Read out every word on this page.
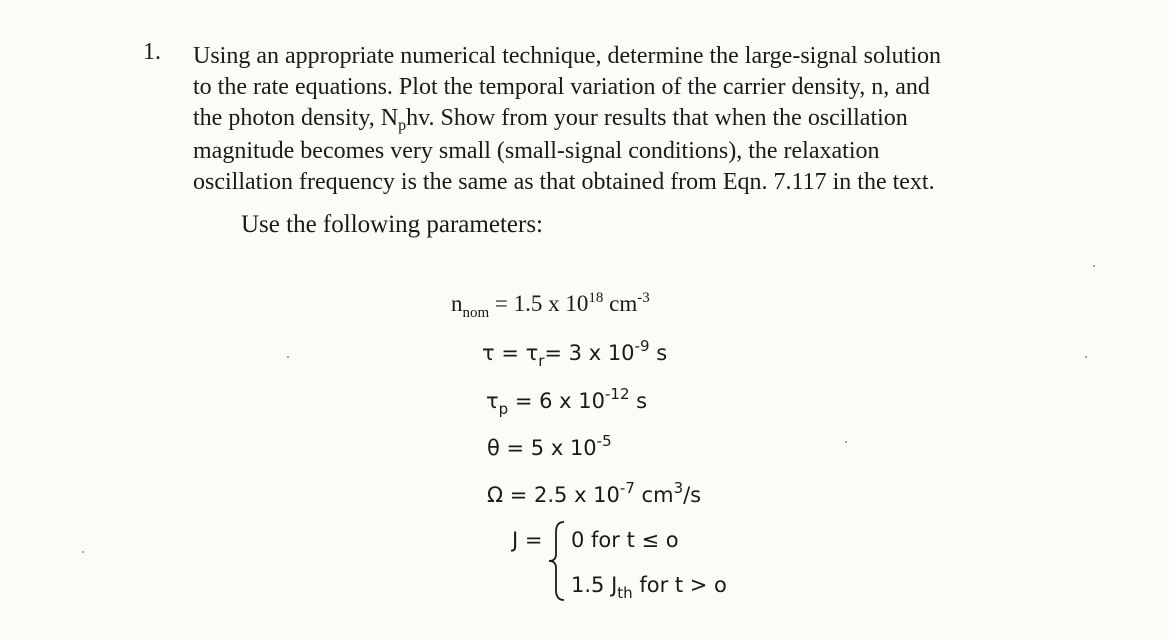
1. Using an appropriate numerical technique, determine the large-signal solution
to the rate equations. Plot the temporal variation of the carrier density, n, and
the photon density, $N_phv$. Show from your results that when the oscillation
magnitude becomes very small (small-signal conditions), the relaxation
oscillation frequency is the same as that obtained from Eqn. 7.117 in the text.
Use the following parameters:
$n_{nom} = 1.5$ x $10^{18}$ $cm^{-3}$
$\tau = \tau_r= 3$ x $10^{-9}$ s
$\tau_p = 6$ x $10^{-12}$ s
θ = 5 x $10^{-5}$
Ω = 2.5 x $10^{-7}$ $cm^3/s$
J = 0 for t ≤ o
1.5 $J_{th}$ for t > o
